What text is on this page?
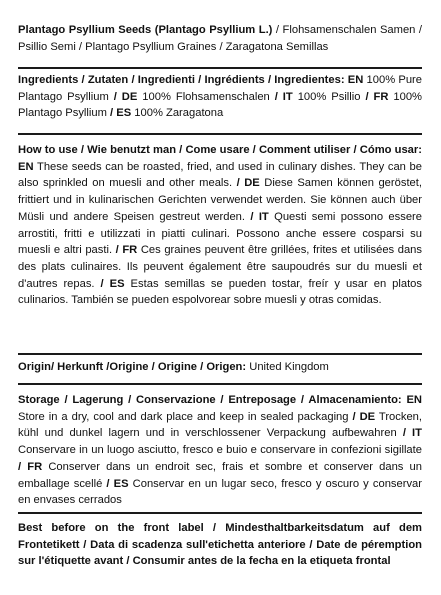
Plantago Psyllium Seeds (Plantago Psyllium L.) / Flohsamenschalen Samen / Psillio Semi / Plantago Psyllium Graines / Zaragatona Semillas
Ingredients / Zutaten / Ingredienti / Ingrédients / Ingredientes: EN 100% Pure Plantago Psyllium / DE 100% Flohsamenschalen / IT 100% Psillio / FR 100% Plantago Psyllium / ES 100% Zaragatona
How to use / Wie benutzt man / Come usare / Comment utiliser / Cómo usar: EN These seeds can be roasted, fried, and used in culinary dishes. They can be also sprinkled on muesli and other meals. / DE Diese Samen können geröstet, frittiert und in kulinarischen Gerichten verwendet werden. Sie können auch über Müsli und andere Speisen gestreut werden. / IT Questi semi possono essere arrostiti, fritti e utilizzati in piatti culinari. Possono anche essere cosparsi su muesli e altri pasti. / FR Ces graines peuvent être grillées, frites et utilisées dans des plats culinaires. Ils peuvent également être saupoudrés sur du muesli et d'autres repas. / ES Estas semillas se pueden tostar, freír y usar en platos culinarios. También se pueden espolvorear sobre muesli y otras comidas.
Origin/ Herkunft /Origine / Origine / Origen: United Kingdom
Storage / Lagerung / Conservazione / Entreposage / Almacenamiento: EN Store in a dry, cool and dark place and keep in sealed packaging / DE Trocken, kühl und dunkel lagern und in verschlossener Verpackung aufbewahren / IT Conservare in un luogo asciutto, fresco e buio e conservare in confezioni sigillate / FR Conserver dans un endroit sec, frais et sombre et conserver dans un emballage scellé / ES Conservar en un lugar seco, fresco y oscuro y conservar en envases cerrados
Best before on the front label / Mindesthaltbarkeitsdatum auf dem Frontetikett / Data di scadenza sull'etichetta anteriore / Date de péremption sur l'étiquette avant / Consumir antes de la fecha en la etiqueta frontal
